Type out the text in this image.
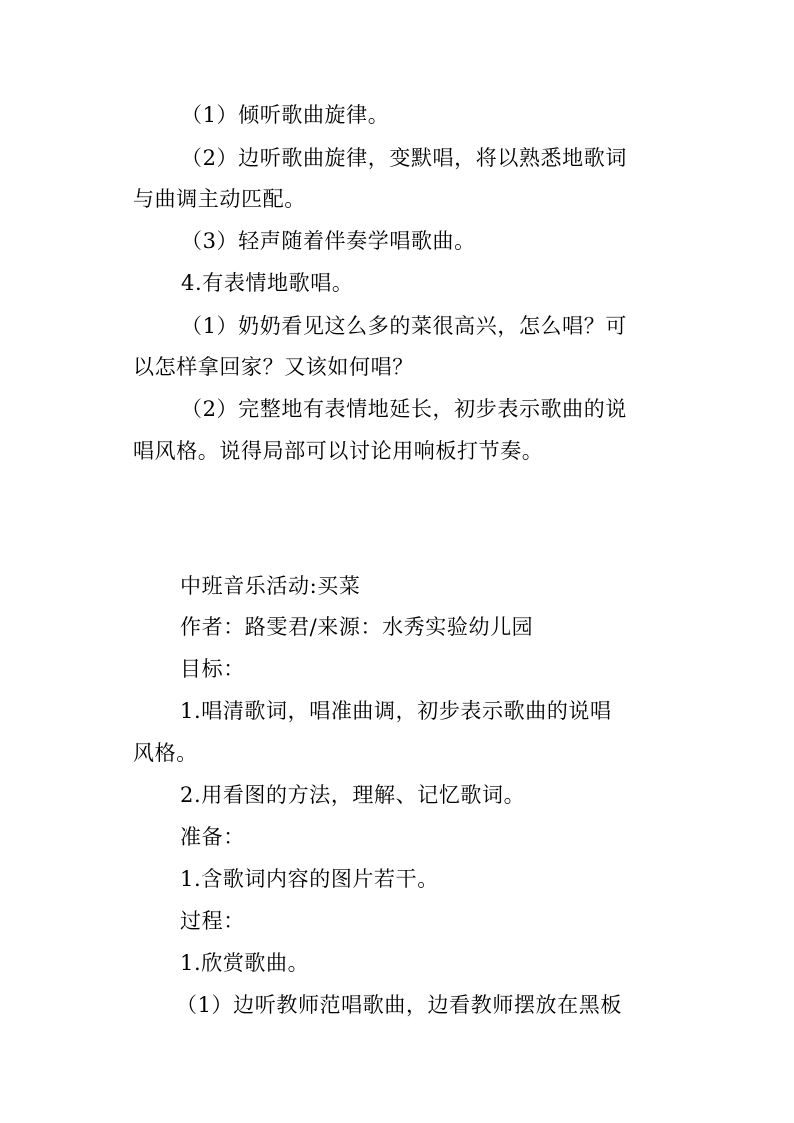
（1）倾听歌曲旋律。
（2）边听歌曲旋律，变默唱，将以熟悉地歌词
与曲调主动匹配。
（3）轻声随着伴奏学唱歌曲。
4.有表情地歌唱。
（1）奶奶看见这么多的菜很高兴，怎么唱？可
以怎样拿回家？又该如何唱？
（2）完整地有表情地延长，初步表示歌曲的说
唱风格。说得局部可以讨论用响板打节奏。
中班音乐活动:买菜
作者：路雯君/来源：水秀实验幼儿园
目标：
1.唱清歌词，唱准曲调，初步表示歌曲的说唱
风格。
2.用看图的方法，理解、记忆歌词。
准备：
1.含歌词内容的图片若干。
过程：
1.欣赏歌曲。
（1）边听教师范唱歌曲，边看教师摆放在黑板
